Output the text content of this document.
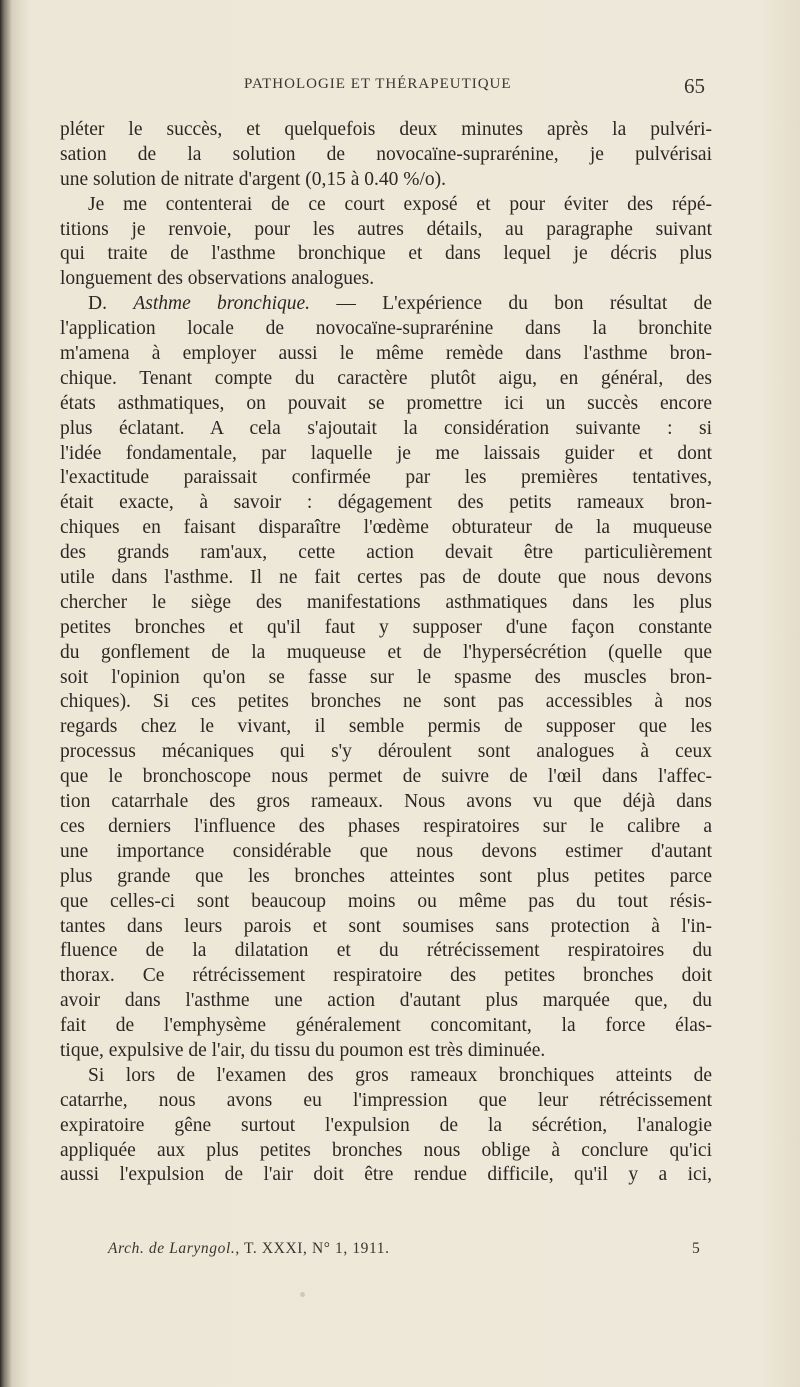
PATHOLOGIE ET THÉRAPEUTIQUE	65
pléter le succès, et quelquefois deux minutes après la pulvéri-
sation de la solution de novocaïne-suprarénine, je pulvérisai
une solution de nitrate d'argent (0,15 à 0.40 %/o).
Je me contenterai de ce court exposé et pour éviter des répé-
titions je renvoie, pour les autres détails, au paragraphe suivant
qui traite de l'asthme bronchique et dans lequel je décris plus
longuement des observations analogues.
D. Asthme bronchique. — L'expérience du bon résultat de
l'application locale de novocaïne-suprarénine dans la bronchite
m'amena à employer aussi le même remède dans l'asthme bron-
chique. Tenant compte du caractère plutôt aigu, en général, des
états asthmatiques, on pouvait se promettre ici un succès encore
plus éclatant. A cela s'ajoutait la considération suivante : si
l'idée fondamentale, par laquelle je me laissais guider et dont
l'exactitude paraissait confirmée par les premières tentatives,
était exacte, à savoir : dégagement des petits rameaux bron-
chiques en faisant disparaître l'œdème obturateur de la muqueuse
des grands ram'aux, cette action devait être particulièrement
utile dans l'asthme. Il ne fait certes pas de doute que nous devons
chercher le siège des manifestations asthmatiques dans les plus
petites bronches et qu'il faut y supposer d'une façon constante
du gonflement de la muqueuse et de l'hypersécrétion (quelle que
soit l'opinion qu'on se fasse sur le spasme des muscles bron-
chiques). Si ces petites bronches ne sont pas accessibles à nos
regards chez le vivant, il semble permis de supposer que les
processus mécaniques qui s'y déroulent sont analogues à ceux
que le bronchoscope nous permet de suivre de l'œil dans l'affec-
tion catarrhale des gros rameaux. Nous avons vu que déjà dans
ces derniers l'influence des phases respiratoires sur le calibre a
une importance considérable que nous devons estimer d'autant
plus grande que les bronches atteintes sont plus petites parce
que celles-ci sont beaucoup moins ou même pas du tout résis-
tantes dans leurs parois et sont soumises sans protection à l'in-
fluence de la dilatation et du rétrécissement respiratoires du
thorax. Ce rétrécissement respiratoire des petites bronches doit
avoir dans l'asthme une action d'autant plus marquée que, du
fait de l'emphysème généralement concomitant, la force élas-
tique, expulsive de l'air, du tissu du poumon est très diminuée.
Si lors de l'examen des gros rameaux bronchiques atteints de
catarrhe, nous avons eu l'impression que leur rétrécissement
expiratoire gêne surtout l'expulsion de la sécrétion, l'analogie
appliquée aux plus petites bronches nous oblige à conclure qu'ici
aussi l'expulsion de l'air doit être rendue difficile, qu'il y a ici,
Arch. de Laryngol., T. XXXI, N° 1, 1911.	5
